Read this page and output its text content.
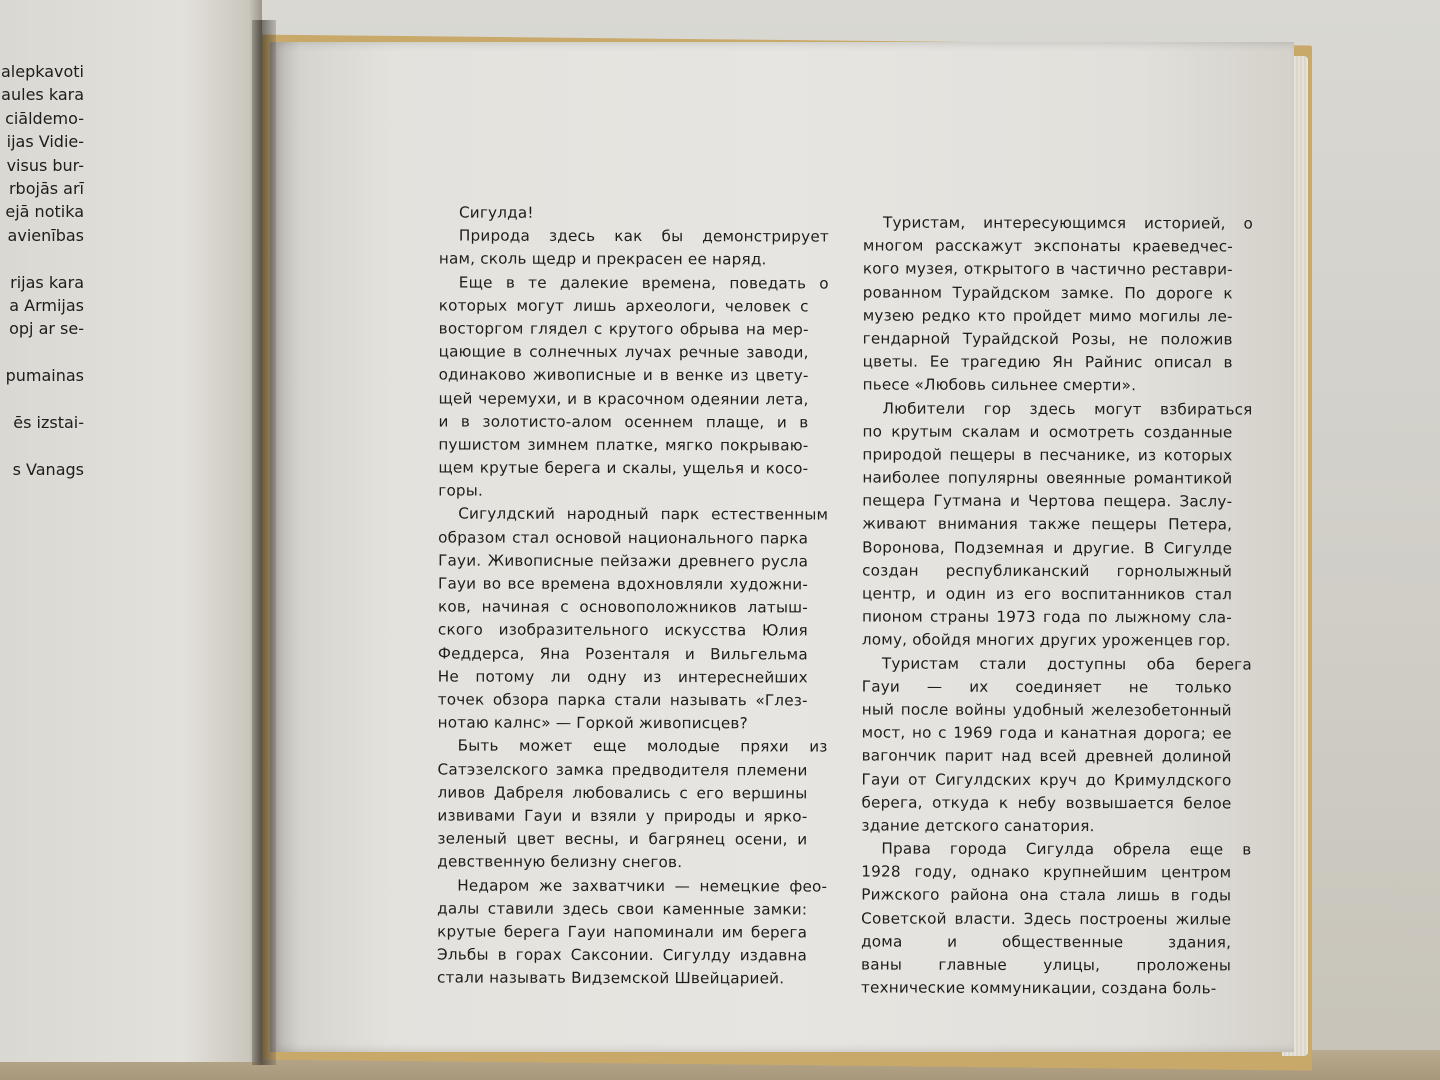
alepkavoti
aules kara
ciāldemo-
ijas Vidie-
visus bur-
rbojās arī
ejā notika
avienības
rijas kara
a Armijas
opj ar se-
pumainas
ēs izstai-
s Vanags

Сигулда!

Природа здесь как бы демонстрирует

нам, сколь щедр и прекрасен ее наряд.

Еще в те далекие времена, поведать о

которых могут лишь археологи, человек с

восторгом глядел с крутого обрыва на мер-

цающие в солнечных лучах речные заводи,

одинаково живописные и в венке из цвету-

щей черемухи, и в красочном одеянии лета,

и в золотисто-алом осеннем плаще, и в

пушистом зимнем платке, мягко покрываю-

щем крутые берега и скалы, ущелья и косо-

горы.

Сигулдский народный парк естественным

образом стал основой национального парка

Гауи. Живописные пейзажи древнего русла

Гауи во все времена вдохновляли художни-

ков, начиная с основоположников латыш-

ского изобразительного искусства Юлия

Феддерса, Яна Розенталя и Вильгельма

Не потому ли одну из интереснейших

точек обзора парка стали называть «Глез-

нотаю калнс» — Горкой живописцев?

Быть может еще молодые пряхи из

Сатэзелского замка предводителя племени

ливов Дабреля любовались с его вершины

извивами Гауи и взяли у природы и ярко-

зеленый цвет весны, и багрянец осени, и

девственную белизну снегов.

Недаром же захватчики — немецкие фео-

далы ставили здесь свои каменные замки:

крутые берега Гауи напоминали им берега

Эльбы в горах Саксонии. Сигулду издавна

стали называть Видземской Швейцарией.

Туристам, интересующимся историей, о

многом расскажут экспонаты краеведчес-

кого музея, открытого в частично реставри-

рованном Турайдском замке. По дороге к

музею редко кто пройдет мимо могилы ле-

гендарной Турайдской Розы, не положив

цветы. Ее трагедию Ян Райнис описал в

пьесе «Любовь сильнее смерти».

Любители гор здесь могут взбираться

по крутым скалам и осмотреть созданные

природой пещеры в песчанике, из которых

наиболее популярны овеянные романтикой

пещера Гутмана и Чертова пещера. Заслу-

живают внимания также пещеры Петера,

Воронова, Подземная и другие. В Сигулде

создан республиканский горнолыжный

центр, и один из его воспитанников стал

пионом страны 1973 года по лыжному сла-

лому, обойдя многих других уроженцев гор.

Туристам стали доступны оба берега

Гауи — их соединяет не только

ный после войны удобный железобетонный

мост, но с 1969 года и канатная дорога; ее

вагончик парит над всей древней долиной

Гауи от Сигулдских круч до Кримулдского

берега, откуда к небу возвышается белое

здание детского санатория.

Права города Сигулда обрела еще в

1928 году, однако крупнейшим центром

Рижского района она стала лишь в годы

Советской власти. Здесь построены жилые

дома и общественные здания,

ваны главные улицы, проложены

технические коммуникации, создана боль-
